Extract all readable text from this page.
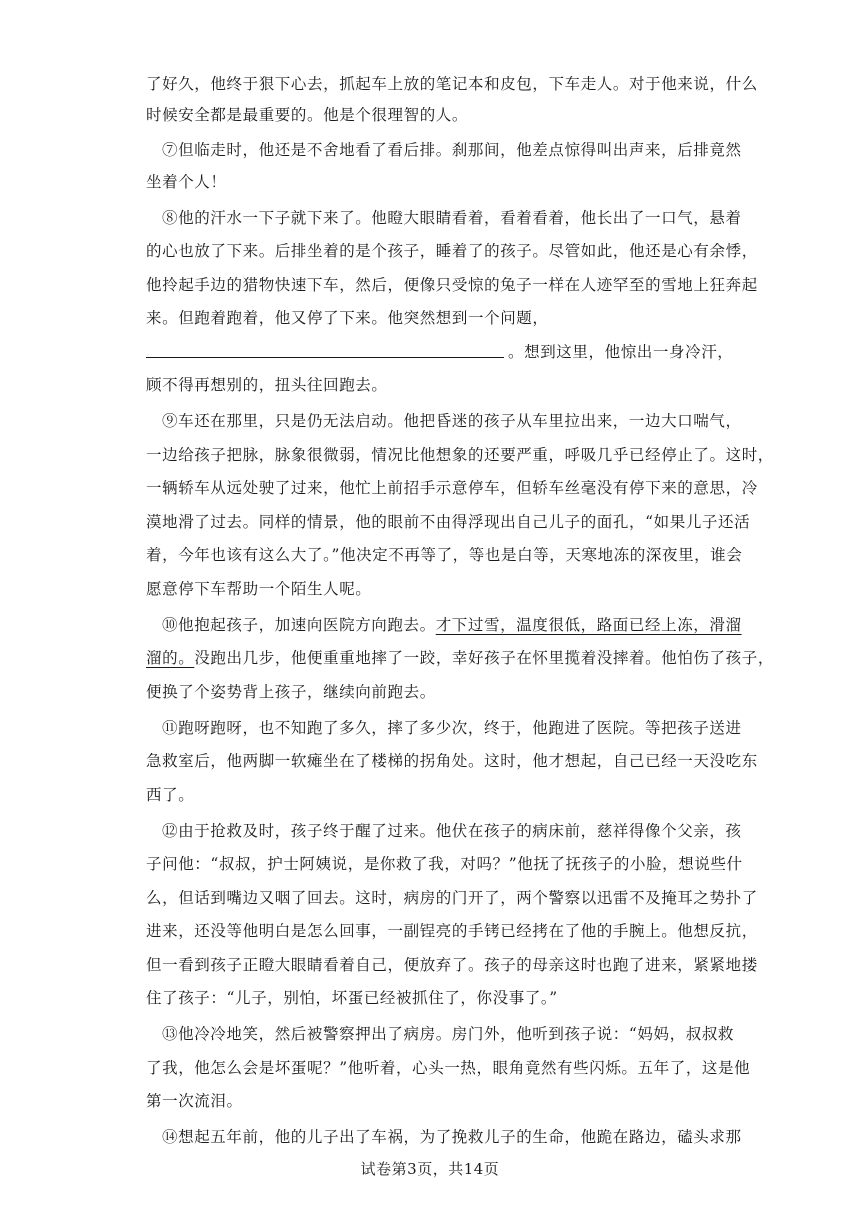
了好久，他终于狠下心去，抓起车上放的笔记本和皮包，下车走人。对于他来说，什么
时候安全都是最重要的。他是个很理智的人。
⑦但临走时，他还是不舍地看了看后排。刹那间，他差点惊得叫出声来，后排竟然
坐着个人！
⑧他的汗水一下子就下来了。他瞪大眼睛看着，看着看着，他长出了一口气，悬着
的心也放了下来。后排坐着的是个孩子，睡着了的孩子。尽管如此，他还是心有余悸，
他拎起手边的猎物快速下车，然后，便像只受惊的兔子一样在人迹罕至的雪地上狂奔起
来。但跑着跑着，他又停了下来。他突然想到一个问题，
。想到这里，他惊出一身冷汗，
顾不得再想别的，扭头往回跑去。
⑨车还在那里，只是仍无法启动。他把昏迷的孩子从车里拉出来，一边大口喘气，
一边给孩子把脉，脉象很微弱，情况比他想象的还要严重，呼吸几乎已经停止了。这时，
一辆轿车从远处驶了过来，他忙上前招手示意停车，但轿车丝毫没有停下来的意思，冷
漠地滑了过去。同样的情景，他的眼前不由得浮现出自己儿子的面孔，“如果儿子还活
着，今年也该有这么大了。”他决定不再等了，等也是白等，天寒地冻的深夜里，谁会
愿意停下车帮助一个陌生人呢。
⑩他抱起孩子，加速向医院方向跑去。 才下过雪，温度很低，路面已经上冻，滑溜
溜的。没跑出几步，他便重重地摔了一跤，幸好孩子在怀里揽着没摔着。他怕伤了孩子，
便换了个姿势背上孩子，继续向前跑去。
⑪跑呀跑呀，也不知跑了多久，摔了多少次，终于，他跑进了医院。等把孩子送进
急救室后，他两脚一软瘫坐在了楼梯的拐角处。这时，他才想起，自己已经一天没吃东
西了。
⑫由于抢救及时，孩子终于醒了过来。他伏在孩子的病床前，慈祥得像个父亲，孩
子问他：“叔叔，护士阿姨说，是你救了我，对吗？”他抚了抚孩子的小脸，想说些什
么，但话到嘴边又咽了回去。这时，病房的门开了，两个警察以迅雷不及掩耳之势扑了
进来，还没等他明白是怎么回事，一副锃亮的手铐已经拷在了他的手腕上。他想反抗，
但一看到孩子正瞪大眼睛看着自己，便放弃了。孩子的母亲这时也跑了进来，紧紧地搂
住了孩子：“儿子，别怕，坏蛋已经被抓住了，你没事了。”
⑬他冷冷地笑，然后被警察押出了病房。房门外，他听到孩子说：“妈妈，叔叔救
了我，他怎么会是坏蛋呢？”他听着，心头一热，眼角竟然有些闪烁。五年了，这是他
第一次流泪。
⑭想起五年前，他的儿子出了车祸，为了挽救儿子的生命，他跪在路边，磕头求那
试卷第3页，共14页
